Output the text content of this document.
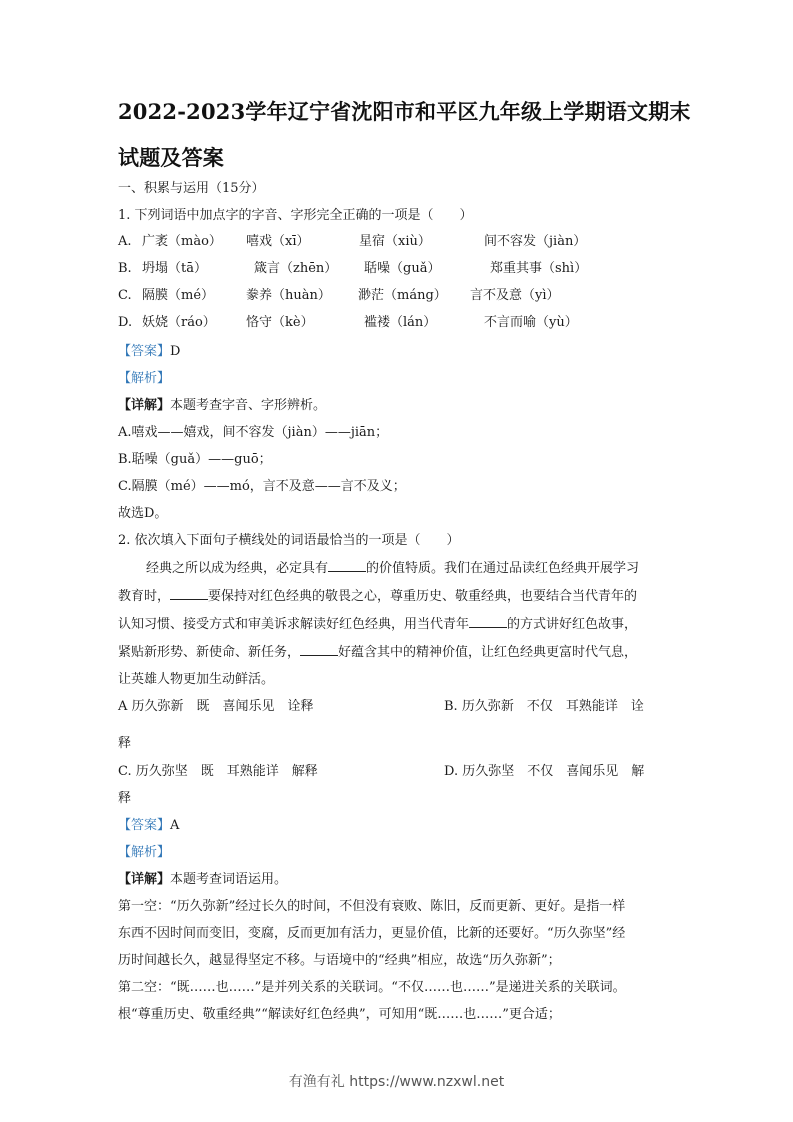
2022-2023学年辽宁省沈阳市和平区九年级上学期语文期末
试题及答案
一、积累与运用（15分）
1. 下列词语中加点字的字音、字形完全正确的一项是（　　）
A. 广袤（mào） 嘻戏（xī）	星宿（xiù）	间不容发（jiàn）
B. 坍塌（tā）	箴言（zhēn） 聒噪（guǎ）	郑重其事（shì）
C. 隔膜（mé） 豢养（huàn） 渺茫（máng） 言不及意（yì）
D. 妖娆（ráo） 恪守（kè）	褴褛（lán）	不言而喻（yù）
【答案】D
【解析】
【详解】本题考查字音、字形辨析。
A.嘻戏——嬉戏，间不容发（jiàn）——jiān；
B.聒噪（guǎ）——guō；
C.隔膜（mé）——mó，言不及意——言不及义；
故选D。
2. 依次填入下面句子横线处的词语最恰当的一项是（　　）
经典之所以成为经典，必定具有	的价值特质。我们在通过品读红色经典开展学习
教育时，	要保持对红色经典的敬畏之心，尊重历史、敬重经典，也要结合当代青年的
认知习惯、接受方式和审美诉求解读好红色经典，用当代青年	的方式讲好红色故事，
紧贴新形势、新使命、新任务，	好蕴含其中的精神价值，让红色经典更富时代气息，
让英雄人物更加生动鲜活。
A 历久弥新　既　喜闻乐见　诠释	B. 历久弥新　不仅　耳熟能详　诠
释
C. 历久弥坚　既　耳熟能详　解释	D. 历久弥坚　不仅　喜闻乐见　解
释
【答案】A
【解析】
【详解】本题考查词语运用。
第一空：“历久弥新”经过长久的时间，不但没有衰败、陈旧，反而更新、更好。是指一样
东西不因时间而变旧，变腐，反而更加有活力，更显价值，比新的还要好。“历久弥坚”经
历时间越长久，越显得坚定不移。与语境中的“经典”相应，故选“历久弥新”；
第二空：“既……也……”是并列关系的关联词。“不仅……也……”是递进关系的关联词。
根“尊重历史、敬重经典”“解读好红色经典”，可知用“既……也……”更合适；
有渔有礼 https://www.nzxwl.net
